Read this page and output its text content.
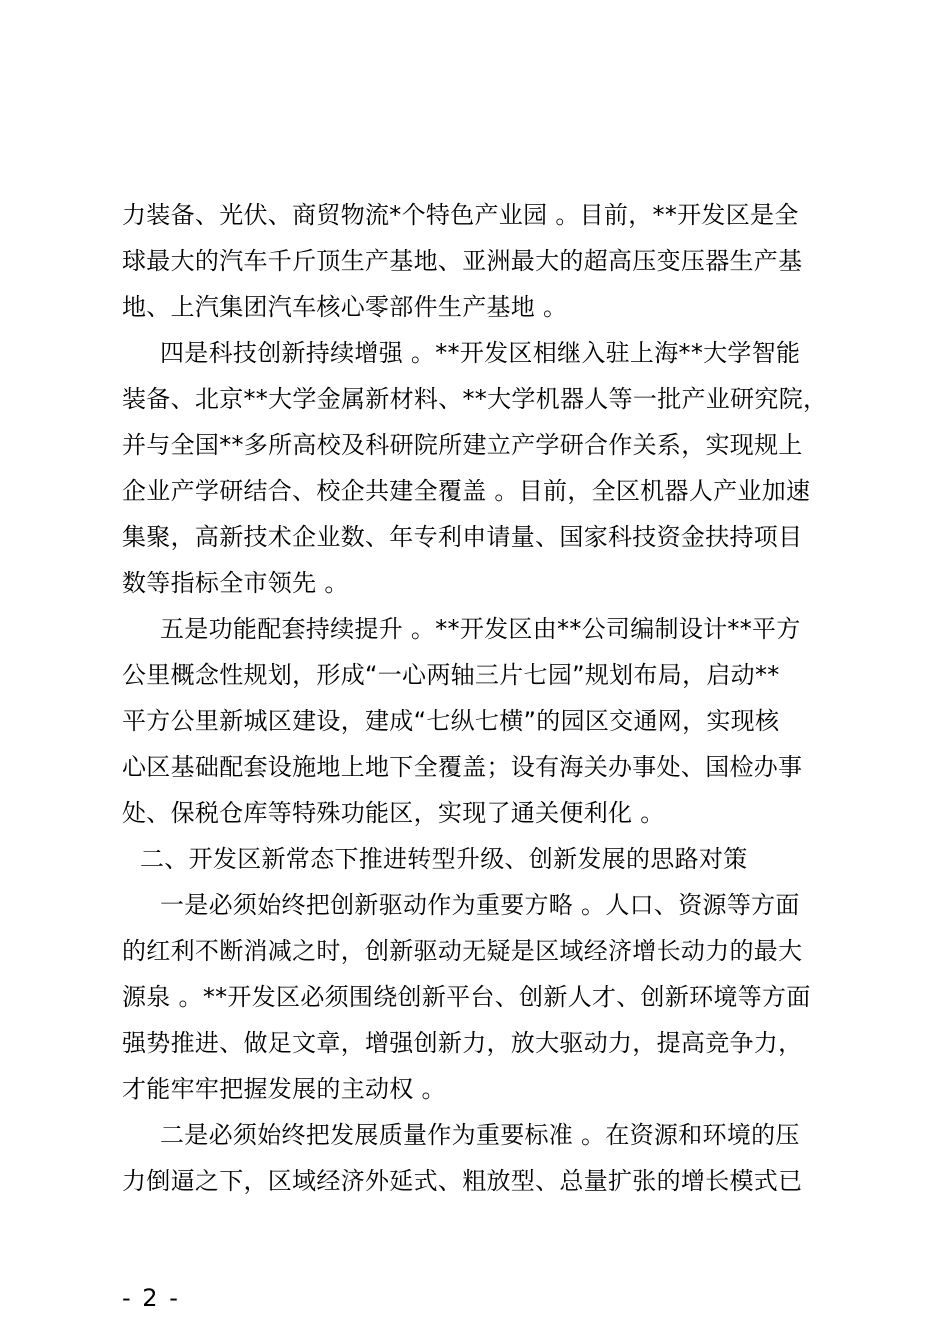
力装备、光伏、商贸物流*个特色产业园 。目前，**开发区是全
球最大的汽车千斤顶生产基地、亚洲最大的超高压变压器生产基
地、上汽集团汽车核心零部件生产基地 。
四是科技创新持续增强 。**开发区相继入驻上海**大学智能
装备、北京**大学金属新材料、**大学机器人等一批产业研究院，
并与全国**多所高校及科研院所建立产学研合作关系，实现规上
企业产学研结合、校企共建全覆盖 。目前，全区机器人产业加速
集聚，高新技术企业数、年专利申请量、国家科技资金扶持项目
数等指标全市领先 。
五是功能配套持续提升 。**开发区由**公司编制设计**平方
公里概念性规划，形成“一心两轴三片七园”规划布局，启动**
平方公里新城区建设，建成“七纵七横”的园区交通网，实现核
心区基础配套设施地上地下全覆盖；设有海关办事处、国检办事
处、保税仓库等特殊功能区，实现了通关便利化 。
二、开发区新常态下推进转型升级、创新发展的思路对策
一是必须始终把创新驱动作为重要方略 。人口、资源等方面
的红利不断消减之时，创新驱动无疑是区域经济增长动力的最大
源泉 。**开发区必须围绕创新平台、创新人才、创新环境等方面
强势推进、做足文章，增强创新力，放大驱动力，提高竞争力，
才能牢牢把握发展的主动权 。
二是必须始终把发展质量作为重要标准 。在资源和环境的压
力倒逼之下，区域经济外延式、粗放型、总量扩张的增长模式已
- 2 -
